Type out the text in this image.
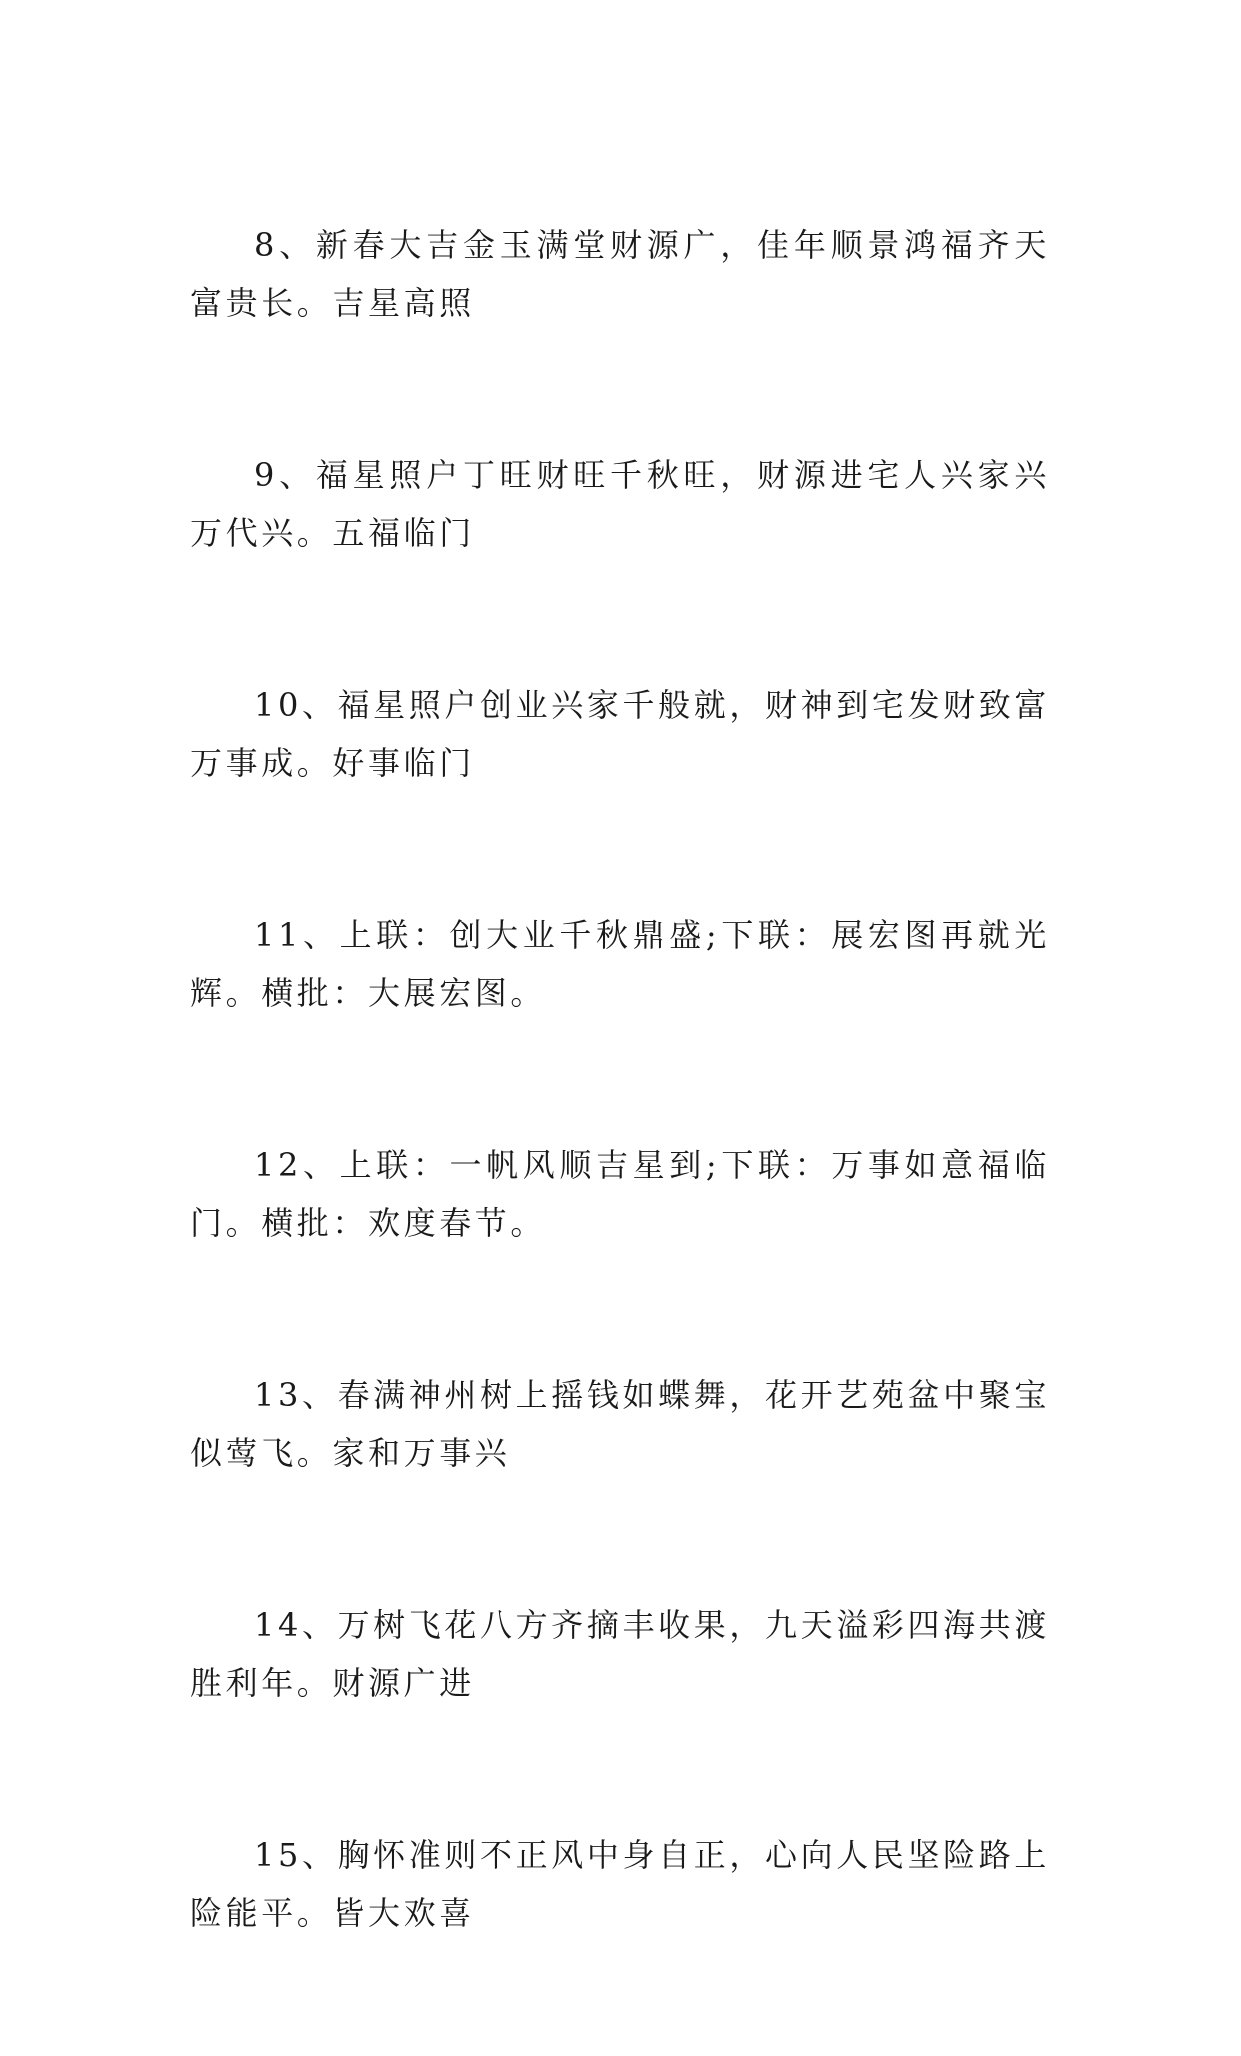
8、新春大吉金玉满堂财源广，佳年顺景鸿福齐天富贵长。吉星高照

9、福星照户丁旺财旺千秋旺，财源进宅人兴家兴万代兴。五福临门

10、福星照户创业兴家千般就，财神到宅发财致富万事成。好事临门

11、上联：创大业千秋鼎盛;下联：展宏图再就光辉。横批：大展宏图。

12、上联：一帆风顺吉星到;下联：万事如意福临门。横批：欢度春节。

13、春满神州树上摇钱如蝶舞，花开艺苑盆中聚宝似莺飞。家和万事兴

14、万树飞花八方齐摘丰收果，九天溢彩四海共渡胜利年。财源广进

15、胸怀准则不正风中身自正，心向人民坚险路上险能平。皆大欢喜
